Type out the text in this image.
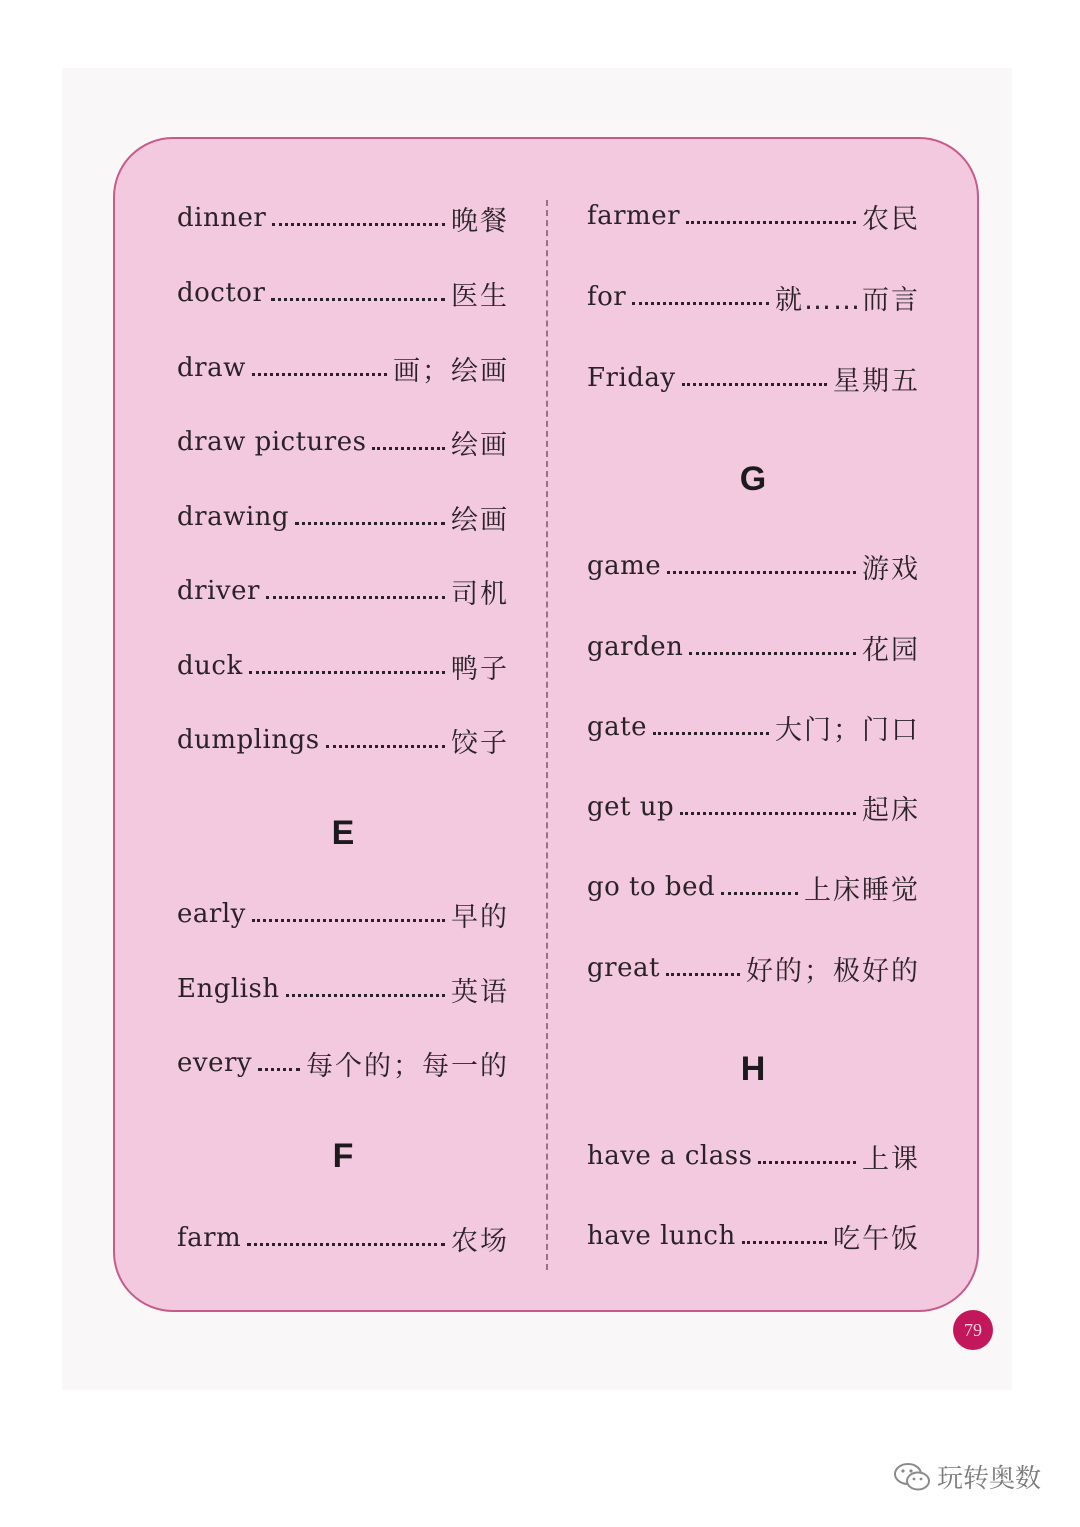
dinner	晚餐
doctor	医生
draw	画；绘画
draw pictures	绘画
drawing	绘画
driver	司机
duck	鸭子
dumplings	饺子
E
early	早的
English	英语
every 每个的；每一的
F
farm	农场
farmer	农民
for	就……而言
Friday	星期五
G
game	游戏
garden	花园
gate	大门；门口
get up	起床
go to bed	上床睡觉
great	好的；极好的
H
have a class	上课
have lunch	吃午饭
79
玩转奥数
